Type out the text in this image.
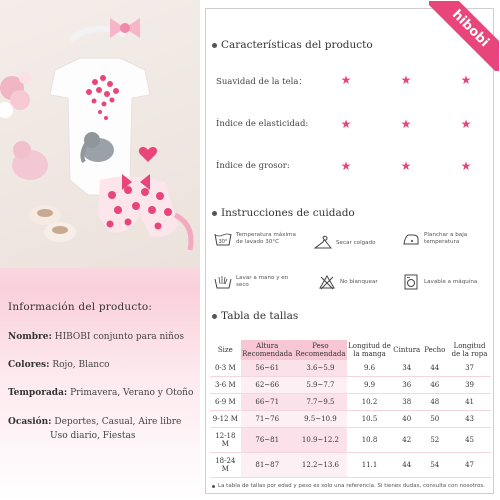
Información del producto:
Nombre: HIBOBI conjunto para niños
Colores: Rojo, Blanco
Temporada: Primavera, Verano y Otoño
Ocasión: Deportes, Casual, Aire libre
Uso diario, Fiestas
hibobi
Características del producto
Suavidad de la tela：	★	★	★
Índice de elasticidad:	★	★	★
Índice de grosor:	★	★	★
Instrucciones de cuidado
30°
Temperatura máxima de lavado 30°C	Secar colgado
Planchar a baja temperatura
Lavar a mano y en seco
No blanquear	Lavable a máquina
Tabla de tallas
Size	Altura Recomendada	Peso Recomendada	Longitud de la manga	Cintura	Pecho	Longitud de la ropa
0-3 M	56~61	3.6~5.9	9.6	34	44	37
3-6 M	62~66	5.9~7.7	9.9	36	46	39
6-9 M	66~71	7.7~9.5	10.2	38	48	41
9-12 M	71~76	9.5~10.9	10.5	40	50	43
12-18 M	76~81	10.9~12.2	10.8	42	52	45
18-24 M	81~87	12.2~13.6	11.1	44	54	47
La tabla de tallas por edad y peso es solo una referencia. Si tienes dudas, consulta con nosotros.
